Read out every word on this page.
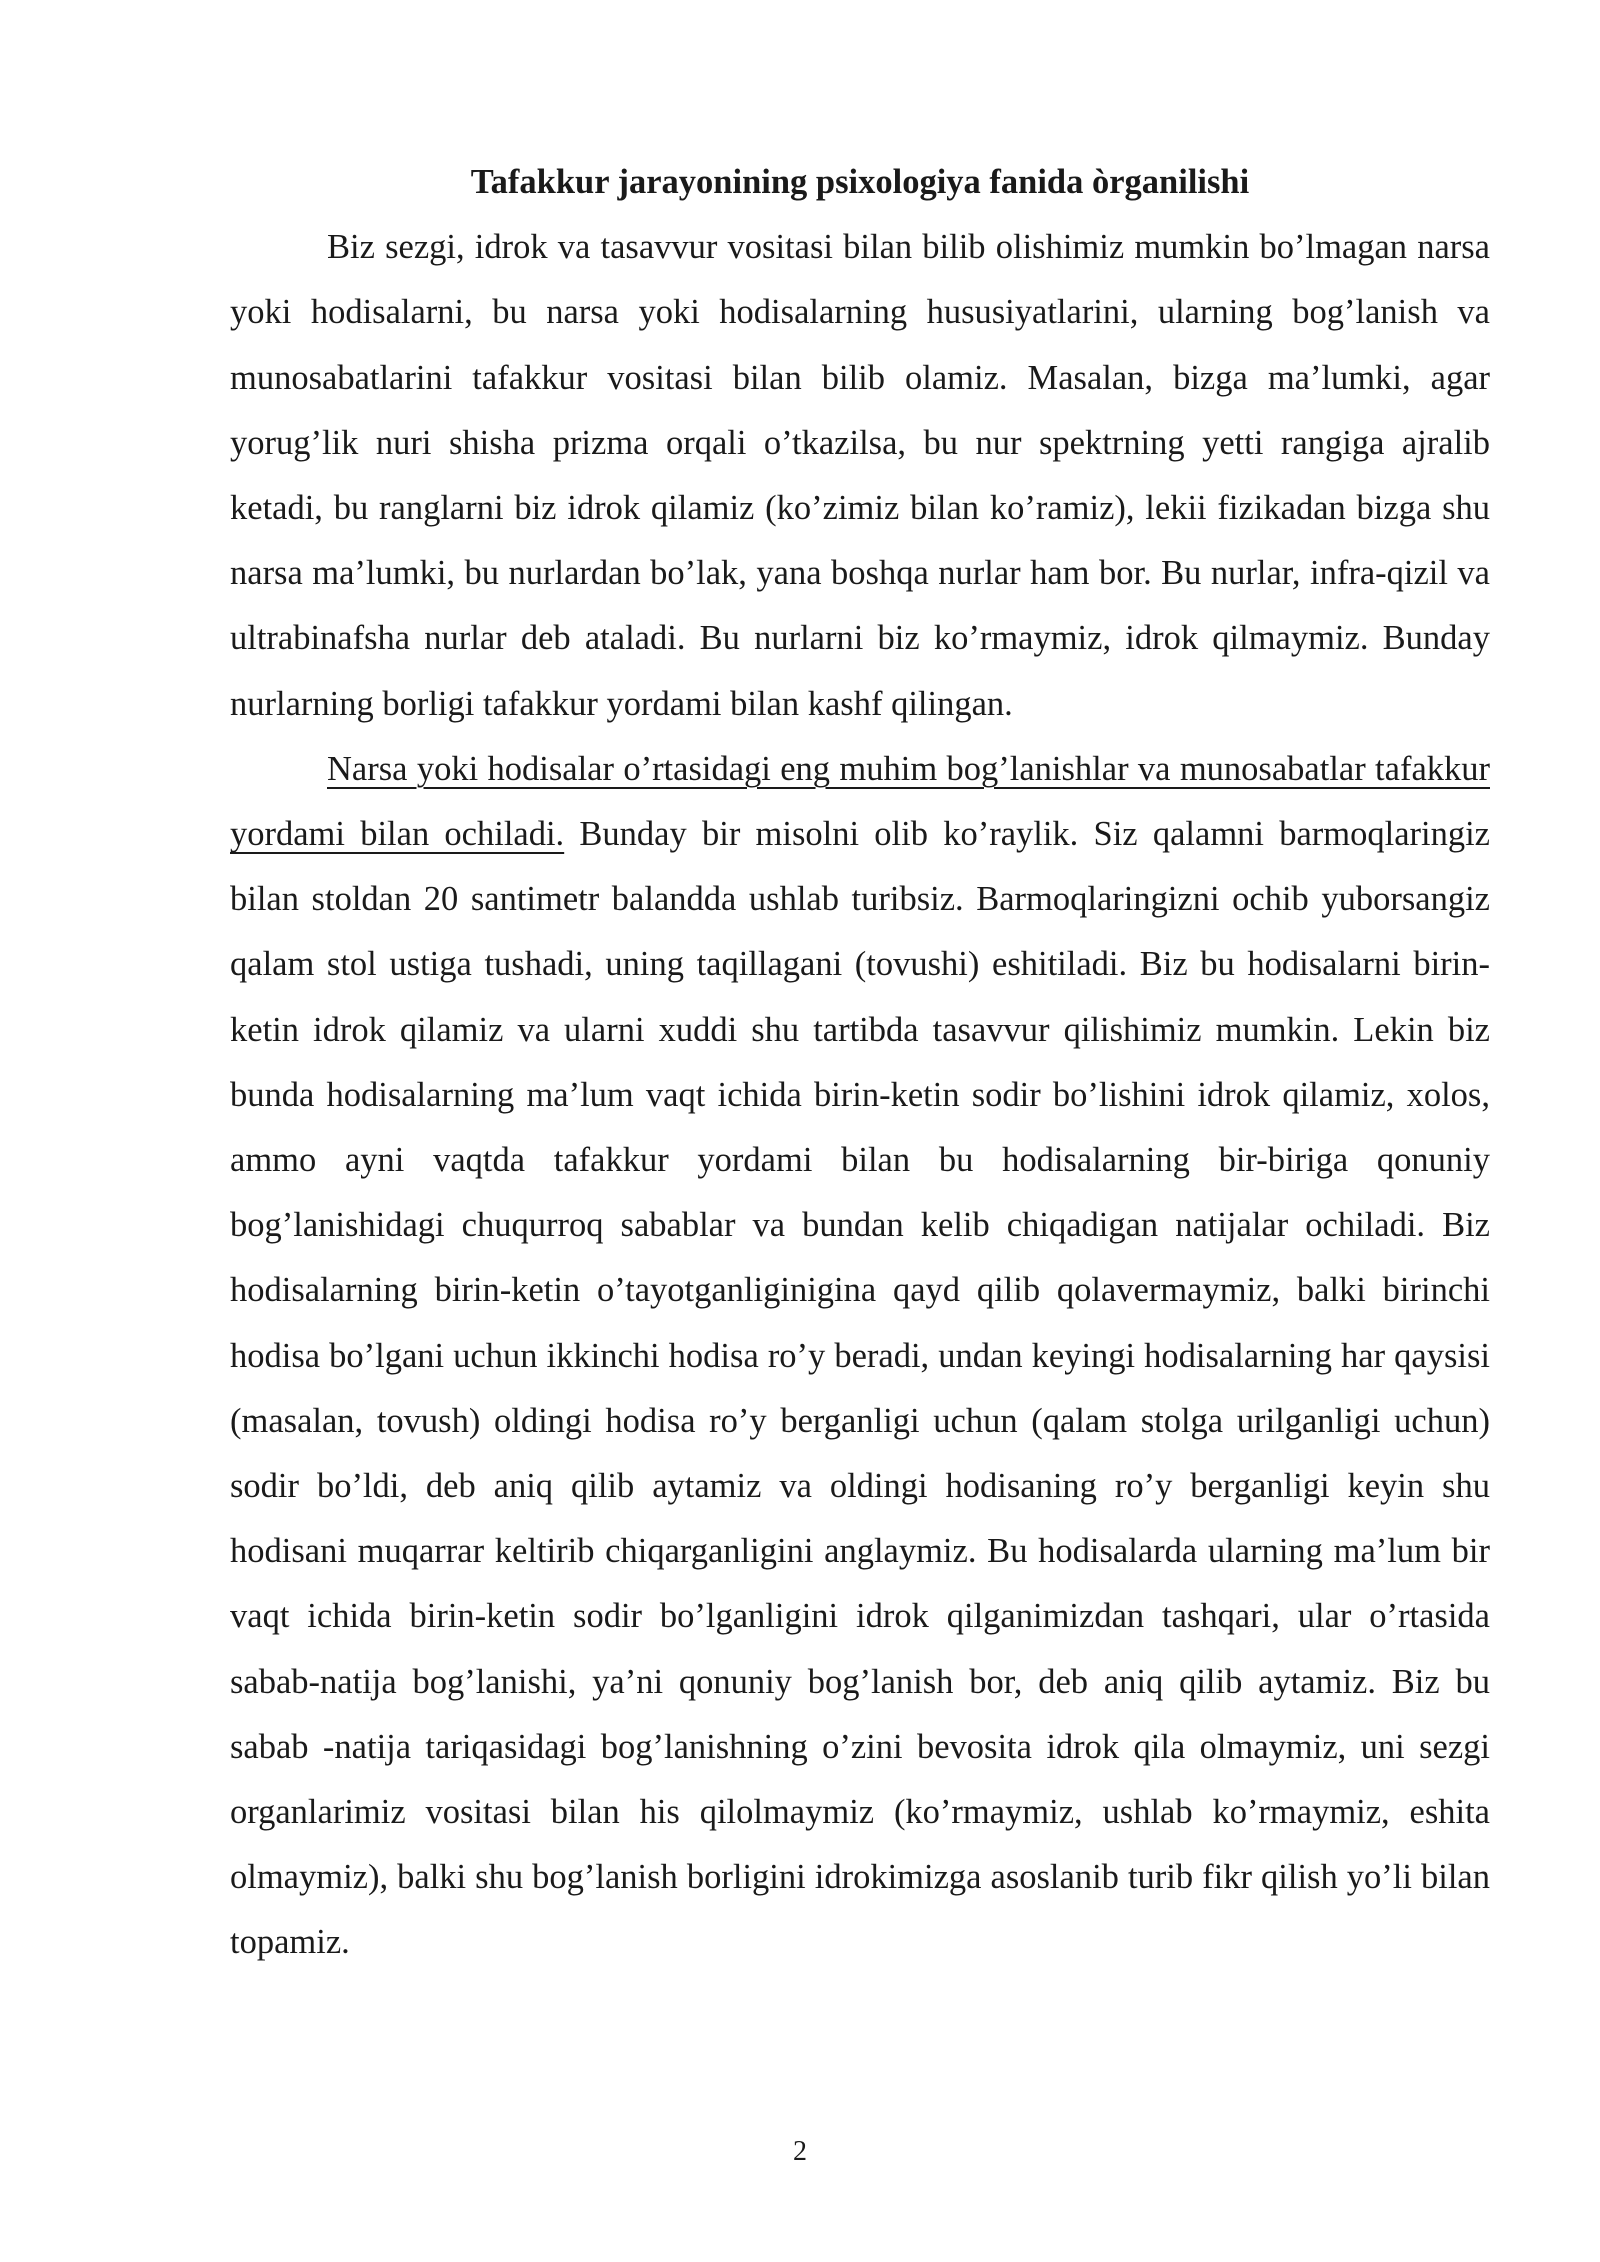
Tafakkur jarayonining psixologiya fanida òrganilishi

Biz sezgi, idrok va tasavvur vositasi bilan bilib olishimiz mumkin bo’lmagan narsa yoki hodisalarni, bu narsa yoki hodisalarning hususiyatlarini, ularning bog’lanish va munosabatlarini tafakkur vositasi bilan bilib olamiz. Masalan, bizga ma’lumki, agar yorug’lik nuri shisha prizma orqali o’tkazilsa, bu nur spektrning yetti rangiga ajralib ketadi, bu ranglarni biz idrok qilamiz (ko’zimiz bilan ko’ramiz), lekii fizikadan bizga shu narsa ma’lumki, bu nurlardan bo’lak, yana boshqa nurlar ham bor. Bu nurlar, infra-qizil va ultrabinafsha nurlar deb ataladi. Bu nurlarni biz ko’rmaymiz, idrok qilmaymiz. Bunday nurlarning borligi tafakkur yordami bilan kashf qilingan.

Narsa yoki hodisalar o’rtasidagi eng muhim bog’lanishlar va munosabatlar tafakkur yordami bilan ochiladi. Bunday bir misolni olib ko’raylik. Siz qalamni barmoqlaringiz bilan stoldan 20 santimetr balandda ushlab turibsiz. Barmoqlaringizni ochib yuborsangiz qalam stol ustiga tushadi, uning taqillagani (tovushi) eshitiladi. Biz bu hodisalarni birin-ketin idrok qilamiz va ularni xuddi shu tartibda tasavvur qilishimiz mumkin. Lekin biz bunda hodisalarning ma’lum vaqt ichida birin-ketin sodir bo’lishini idrok qilamiz, xolos, ammo ayni vaqtda tafakkur yordami bilan bu hodisalarning bir-biriga qonuniy bog’lanishidagi chuqurroq sabablar va bundan kelib chiqadigan natijalar ochiladi. Biz hodisalarning birin-ketin o’tayotganliginigina qayd qilib qolavermaymiz, balki birinchi hodisa bo’lgani uchun ikkinchi hodisa ro’y beradi, undan keyingi hodisalarning har qaysisi (masalan, tovush) oldingi hodisa ro’y berganligi uchun (qalam stolga urilganligi uchun) sodir bo’ldi, deb aniq qilib aytamiz va oldingi hodisaning ro’y berganligi keyin shu hodisani muqarrar keltirib chiqarganligini anglaymiz. Bu hodisalarda ularning ma’lum bir vaqt ichida birin-ketin sodir bo’lganligini idrok qilganimizdan tashqari, ular o’rtasida sabab-natija bog’lanishi, ya’ni qonuniy bog’lanish bor, deb aniq qilib aytamiz. Biz bu sabab -natija tariqasidagi bog’lanishning o’zini bevosita idrok qila olmaymiz, uni sezgi organlarimiz vositasi bilan his qilolmaymiz (ko’rmaymiz, ushlab ko’rmaymiz, eshita olmaymiz), balki shu bog’lanish borligini idrokimizga asoslanib turib fikr qilish yo’li bilan topamiz.

2
